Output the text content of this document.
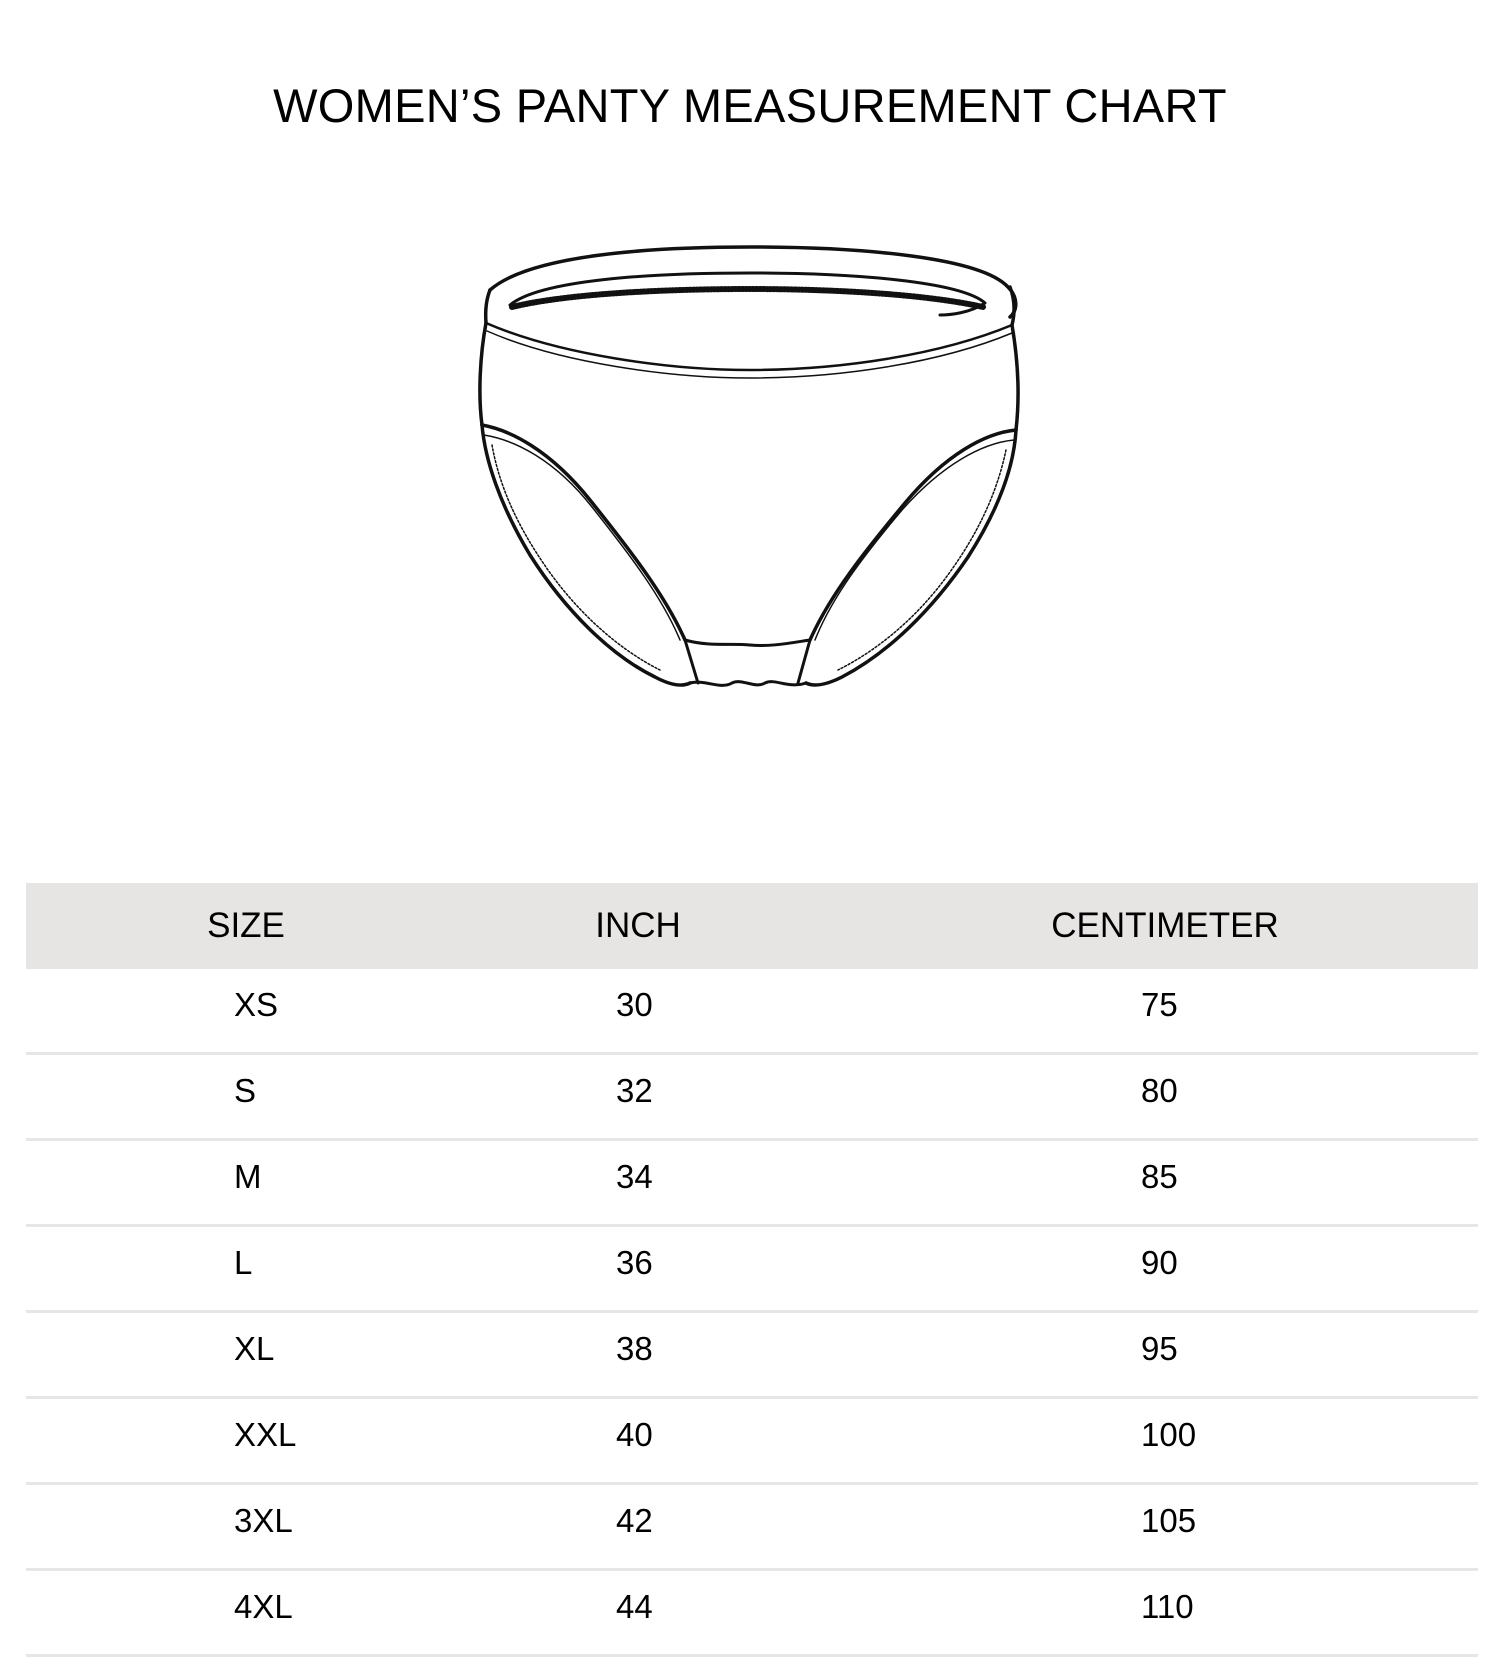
WOMEN’S PANTY MEASUREMENT CHART
SIZE	INCH	CENTIMETER
XS	30	75
S	32	80
M	34	85
L	36	90
XL	38	95
XXL	40	100
3XL	42	105
4XL	44	110
